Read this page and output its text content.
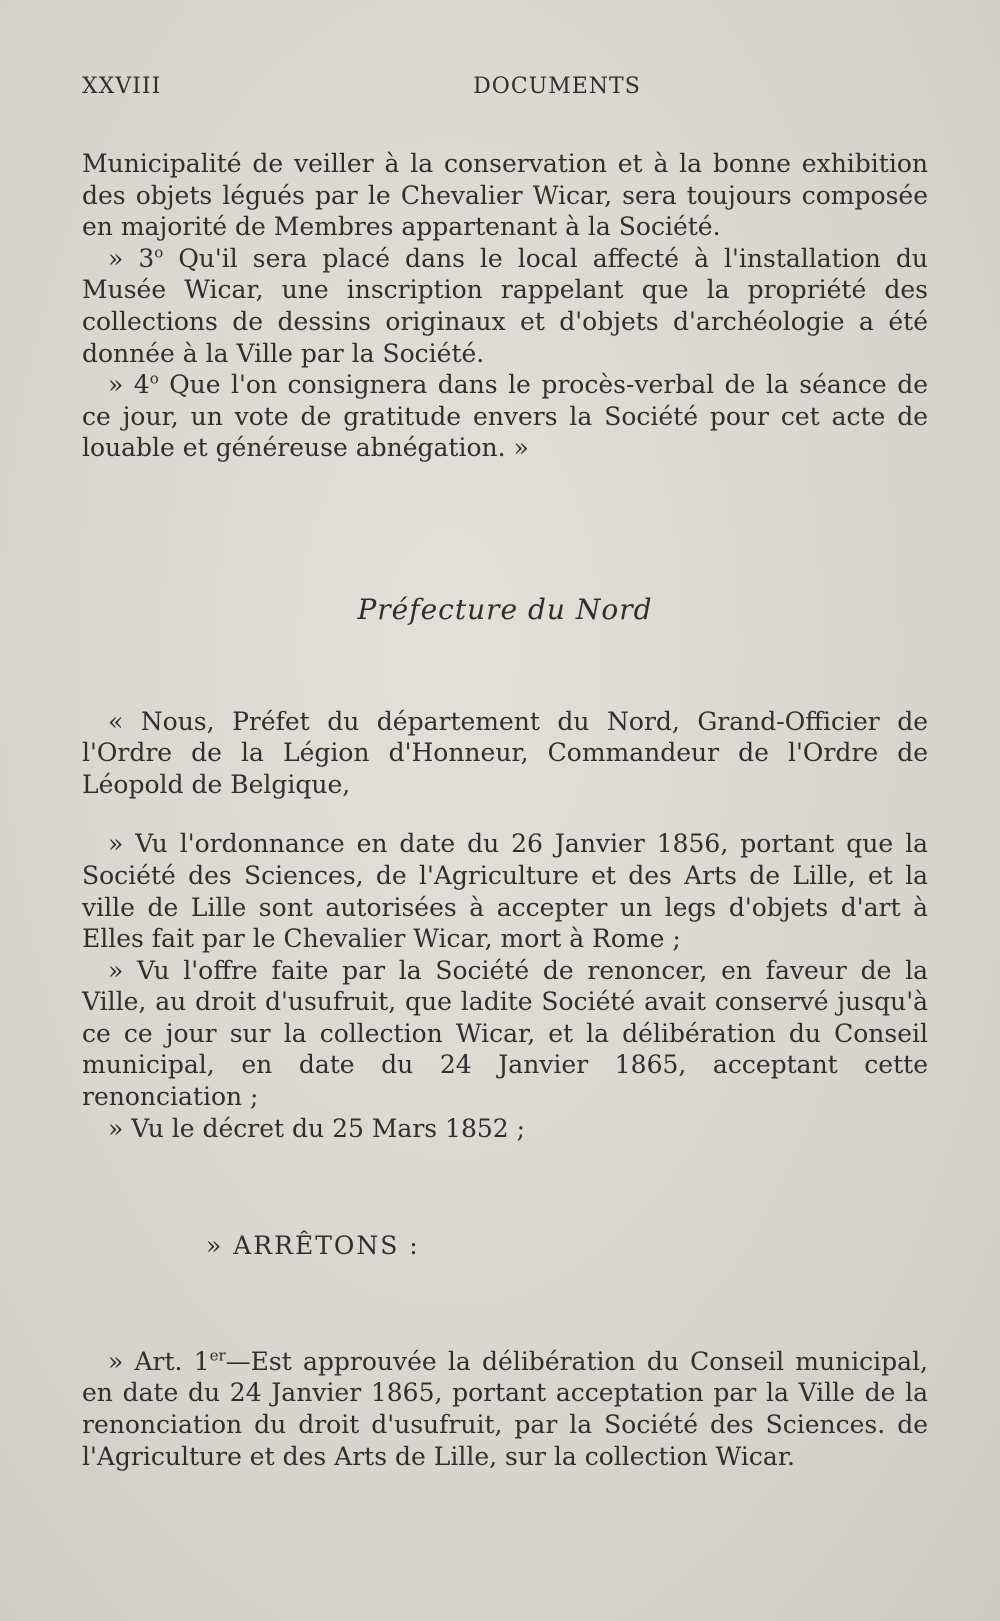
XXVIII	DOCUMENTS

Municipalité de veiller à la conservation et à la bonne exhibition des objets légués par le Chevalier Wicar, sera toujours composée en majorité de Membres appartenant à la Société.

» 3$^o$ Qu'il sera placé dans le local affecté à l'installation du Musée Wicar, une inscription rappelant que la propriété des collections de dessins originaux et d'objets d'archéologie a été donnée à la Ville par la Société.

» 4$^o$ Que l'on consignera dans le procès-verbal de la séance de ce jour, un vote de gratitude envers la Société pour cet acte de louable et généreuse abnégation. »

Préfecture du Nord

« Nous, Préfet du département du Nord, Grand-Officier de l'Ordre de la Légion d'Honneur, Commandeur de l'Ordre de Léopold de Belgique,

» Vu l'ordonnance en date du 26 Janvier 1856, portant que la Société des Sciences, de l'Agriculture et des Arts de Lille, et la ville de Lille sont autorisées à accepter un legs d'objets d'art à Elles fait par le Chevalier Wicar, mort à Rome ;

» Vu l'offre faite par la Société de renoncer, en faveur de la Ville, au droit d'usufruit, que ladite Société avait conservé jusqu'à ce ce jour sur la collection Wicar, et la délibération du Conseil municipal, en date du 24 Janvier 1865, acceptant cette renonciation ;

» Vu le décret du 25 Mars 1852 ;

» ARRÊTONS :

» Art. 1er—Est approuvée la délibération du Conseil municipal, en date du 24 Janvier 1865, portant acceptation par la Ville de la renonciation du droit d'usufruit, par la Société des Sciences. de l'Agriculture et des Arts de Lille, sur la collection Wicar.
